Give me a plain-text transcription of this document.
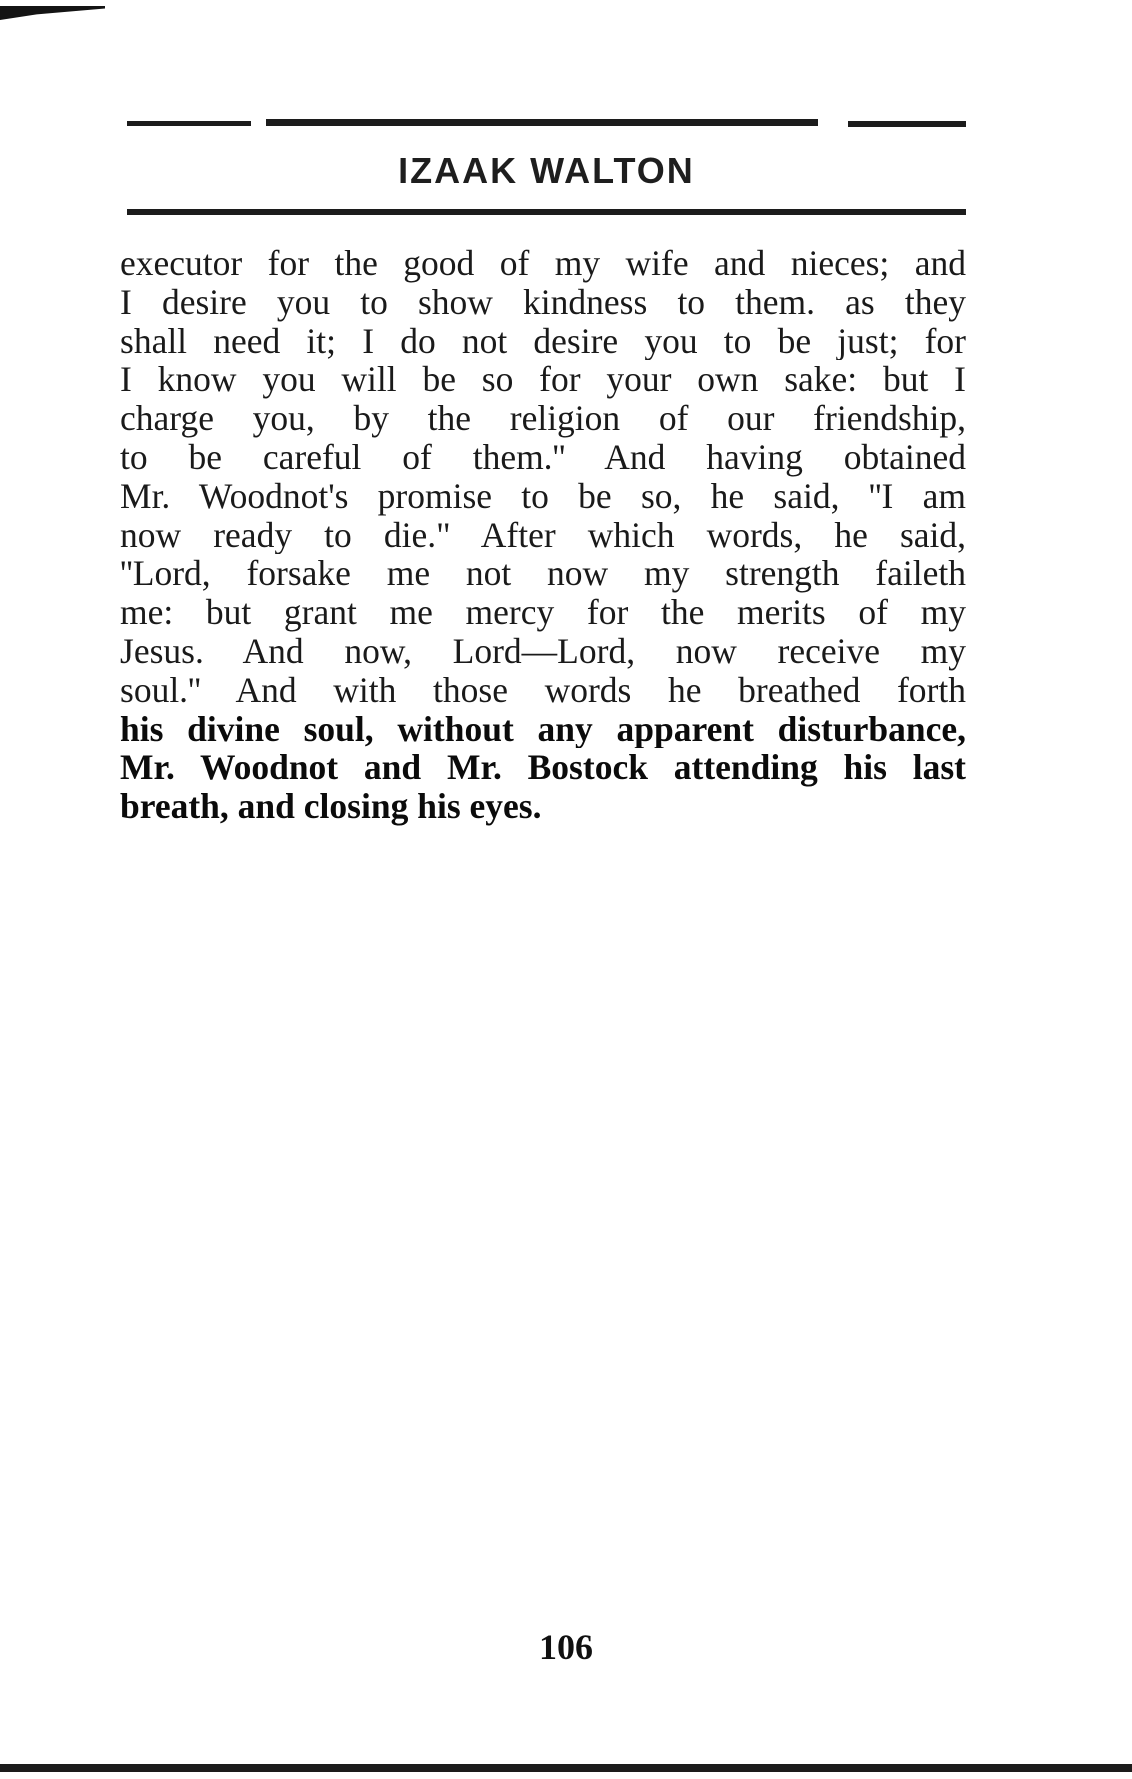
IZAAK WALTON
executor for the good of my wife and nieces; and
I desire you to show kindness to them. as they
shall need it; I do not desire you to be just; for
I know you will be so for your own sake: but I
charge you, by the religion of our friendship,
to be careful of them.'' And having obtained
Mr. Woodnot's promise to be so, he said, ''I am
now ready to die." After which words, he said,
''Lord, forsake me not now my strength faileth
me: but grant me mercy for the merits of my
Jesus. And now, Lord—Lord, now receive my
soul.'' And with those words he breathed forth
his divine soul, without any apparent disturbance,
Mr. Woodnot and Mr. Bostock attending his last
breath, and closing his eyes.
106
